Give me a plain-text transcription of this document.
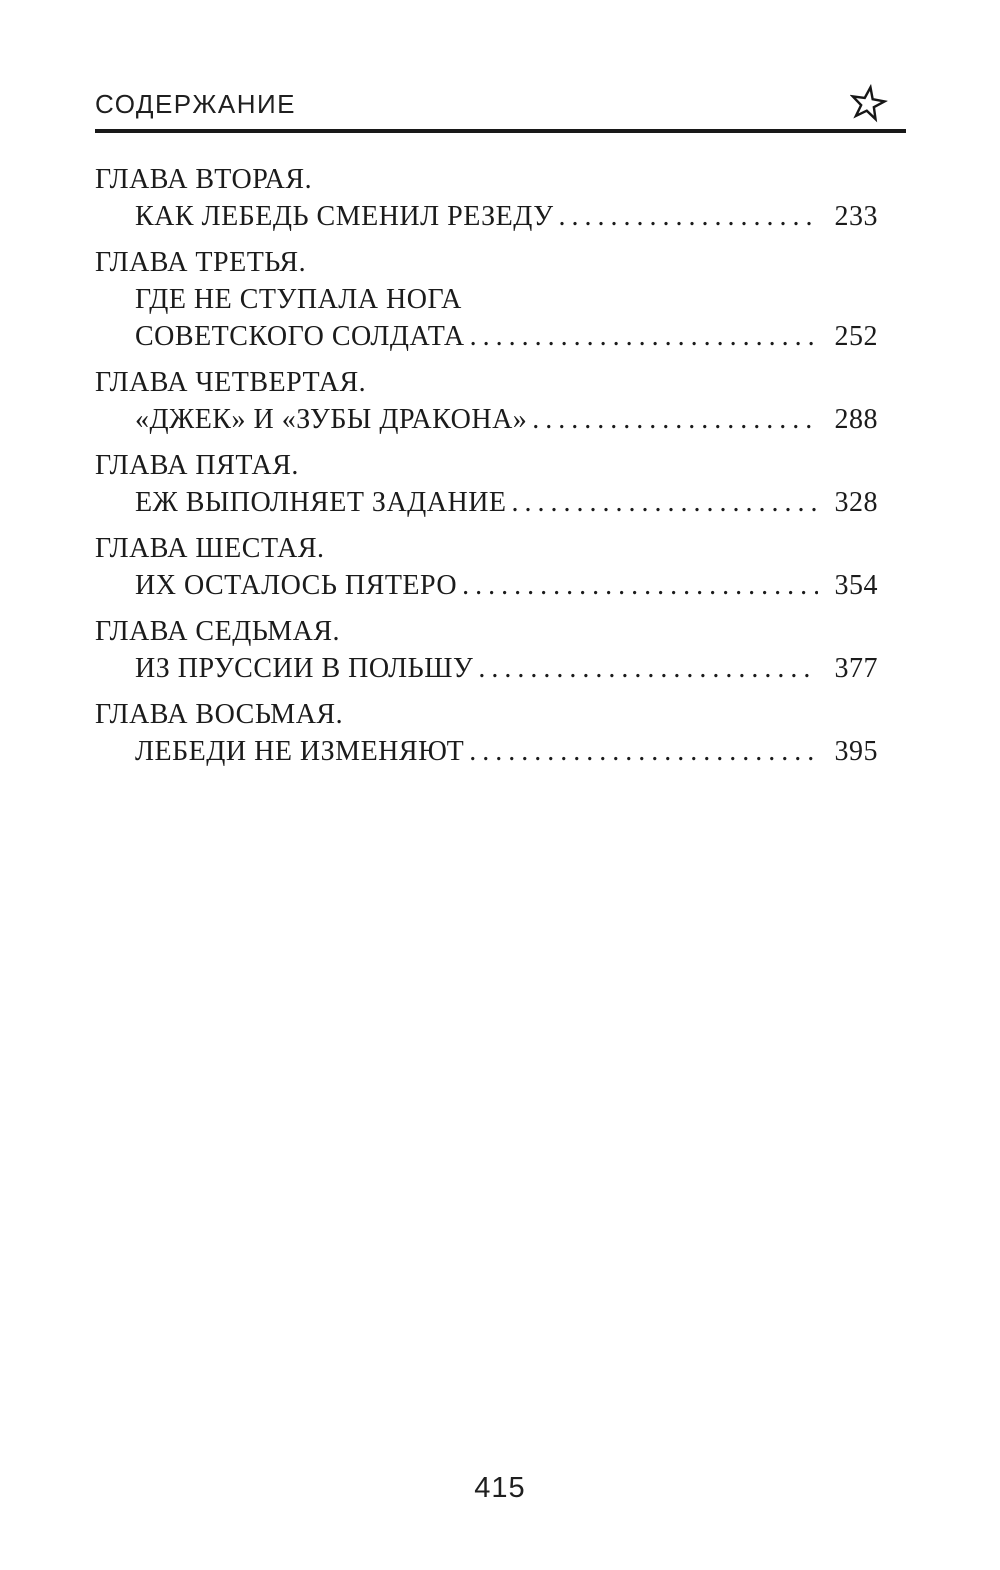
СОДЕРЖАНИЕ
ГЛАВА ВТОРАЯ.
КАК ЛЕБЕДЬ СМЕНИЛ РЕЗЕДУ .....	233
ГЛАВА ТРЕТЬЯ.
ГДЕ НЕ СТУПАЛА НОГА
СОВЕТСКОГО СОЛДАТА .....	252
ГЛАВА ЧЕТВЕРТАЯ.
«ДЖЕК» И «ЗУБЫ ДРАКОНА» .....	288
ГЛАВА ПЯТАЯ.
ЕЖ ВЫПОЛНЯЕТ ЗАДАНИЕ .....	328
ГЛАВА ШЕСТАЯ.
ИХ ОСТАЛОСЬ ПЯТЕРО .....	354
ГЛАВА СЕДЬМАЯ.
ИЗ ПРУССИИ В ПОЛЬШУ .....	377
ГЛАВА ВОСЬМАЯ.
ЛЕБЕДИ НЕ ИЗМЕНЯЮТ .....	395
415
